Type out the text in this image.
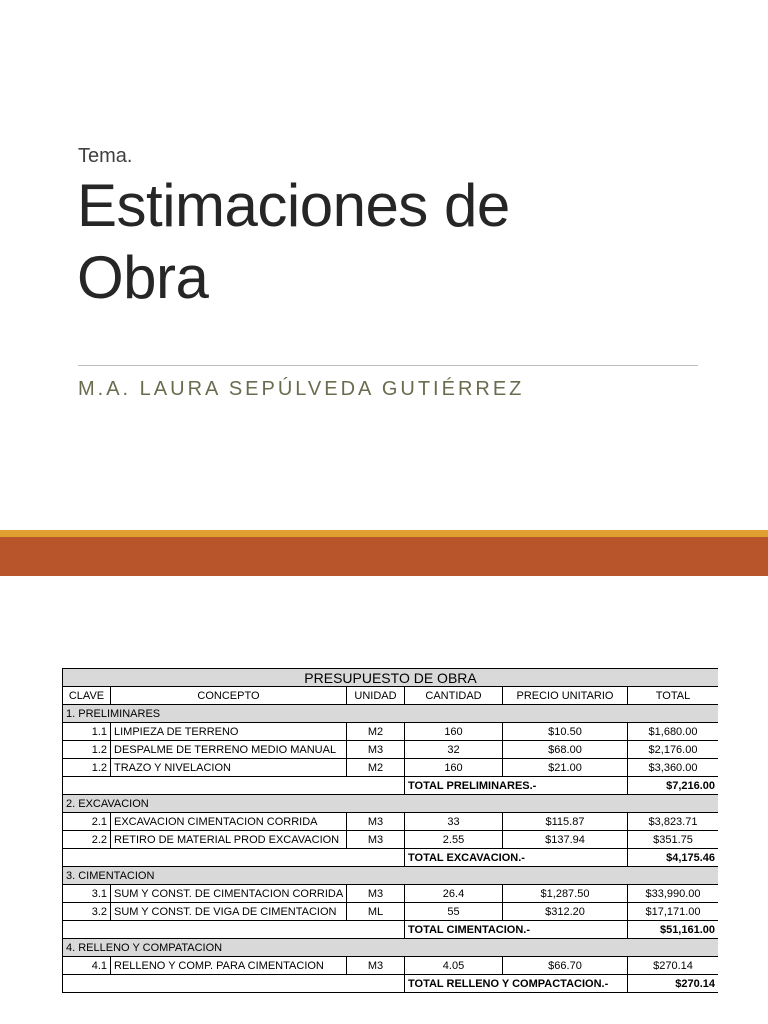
Tema.
Estimaciones de
Obra
M.A. LAURA SEPÚLVEDA GUTIÉRREZ
PRESUPUESTO DE OBRA					
CLAVE	CONCEPTO	UNIDAD	CANTIDAD	PRECIO UNITARIO	TOTAL
1. PRELIMINARES					
1.1	LIMPIEZA DE TERRENO	M2	160	$10.50	$1,680.00
1.2	DESPALME DE TERRENO MEDIO MANUAL	M3	32	$68.00	$2,176.00
1.2	TRAZO Y NIVELACION	M2	160	$21.00	$3,360.00
			TOTAL PRELIMINARES.-		$7,216.00
2. EXCAVACION					
2.1	EXCAVACION CIMENTACION CORRIDA	M3	33	$115.87	$3,823.71
2.2	RETIRO DE MATERIAL PROD EXCAVACION	M3	2.55	$137.94	$351.75
			TOTAL EXCAVACION.-		$4,175.46
3. CIMENTACION					
3.1	SUM Y CONST. DE CIMENTACION CORRIDA	M3	26.4	$1,287.50	$33,990.00
3.2	SUM Y CONST. DE VIGA DE CIMENTACION	ML	55	$312.20	$17,171.00
			TOTAL CIMENTACION.-		$51,161.00
4. RELLENO Y COMPATACION					
4.1	RELLENO Y COMP. PARA CIMENTACION	M3	4.05	$66.70	$270.14
			TOTAL RELLENO Y COMPACTACION.-		$270.14
